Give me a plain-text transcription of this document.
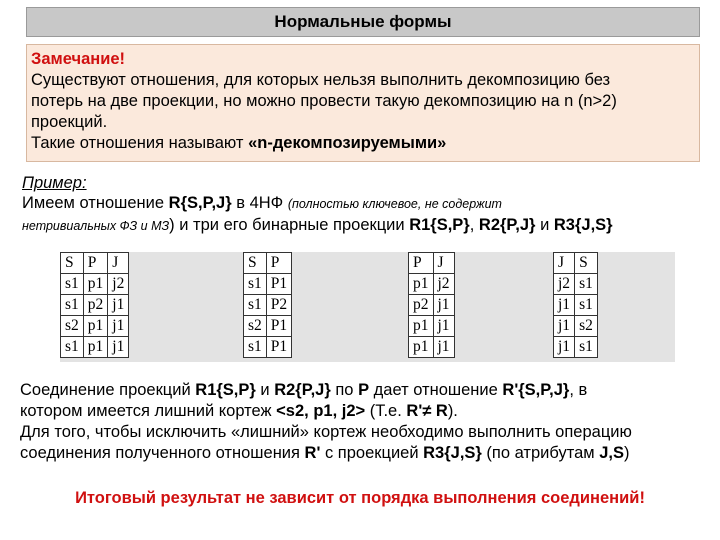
Нормальные формы
Замечание!
Существуют отношения, для которых нельзя выполнить декомпозицию без
потерь на две проекции, но можно провести такую декомпозицию на n (n>2)
проекций.
Такие отношения называют «n-декомпозируемыми»
Пример:
Имеем отношение R{S,P,J} в 4НФ (полностью ключевое, не содержит
нетривиальных ФЗ и МЗ) и три его бинарные проекции R1{S,P}, R2{P,J} и R3{J,S}
S	P	J
s1	p1	j2
s1	p2	j1
s2	p1	j1
s1	p1	j1
S	P
s1	P1
s1	P2
s2	P1
s1	P1
P	J
p1	j2
p2	j1
p1	j1
p1	j1
J	S
j2	s1
j1	s1
j1	s2
j1	s1
Соединение проекций R1{S,P} и R2{P,J} по P дает отношение R'{S,P,J}, в
котором имеется лишний кортеж <s2, p1, j2> (Т.е. R'≠ R).
Для того, чтобы исключить «лишний» кортеж необходимо выполнить операцию
соединения полученного отношения R' с проекцией R3{J,S} (по атрибутам J,S)
Итоговый результат не зависит от порядка выполнения соединений!
